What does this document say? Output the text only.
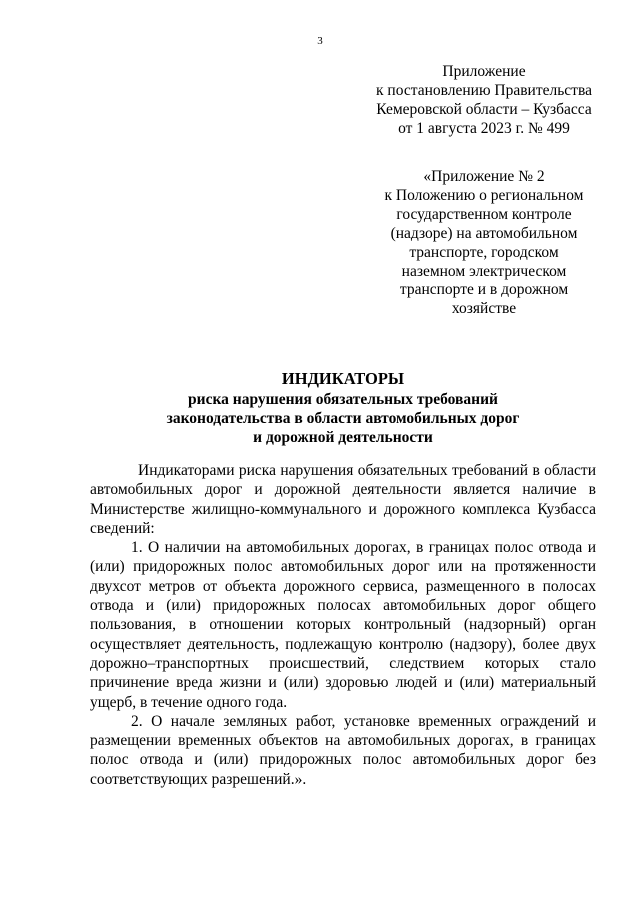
3
Приложение
к постановлению Правительства
Кемеровской области – Кузбасса
от 1 августа 2023 г. № 499
«Приложение № 2
к Положению о региональном
государственном контроле
(надзоре) на автомобильном
транспорте, городском
наземном электрическом
транспорте и в дорожном
хозяйстве
ИНДИКАТОРЫ
риска нарушения обязательных требований
законодательства в области автомобильных дорог
и дорожной деятельности
Индикаторами риска нарушения обязательных требований в области
автомобильных дорог и дорожной деятельности является наличие в
Министерстве жилищно-коммунального и дорожного комплекса Кузбасса
сведений:
1. О наличии на автомобильных дорогах, в границах полос отвода и
(или) придорожных полос автомобильных дорог или на протяженности
двухсот метров от объекта дорожного сервиса, размещенного в полосах
отвода и (или) придорожных полосах автомобильных дорог общего
пользования, в отношении которых контрольный (надзорный) орган
осуществляет деятельность, подлежащую контролю (надзору), более двух
дорожно–транспортных происшествий, следствием которых стало
причинение вреда жизни и (или) здоровью людей и (или) материальный
ущерб, в течение одного года.
2. О начале земляных работ, установке временных ограждений и
размещении временных объектов на автомобильных дорогах, в границах
полос отвода и (или) придорожных полос автомобильных дорог без
соответствующих разрешений.».
